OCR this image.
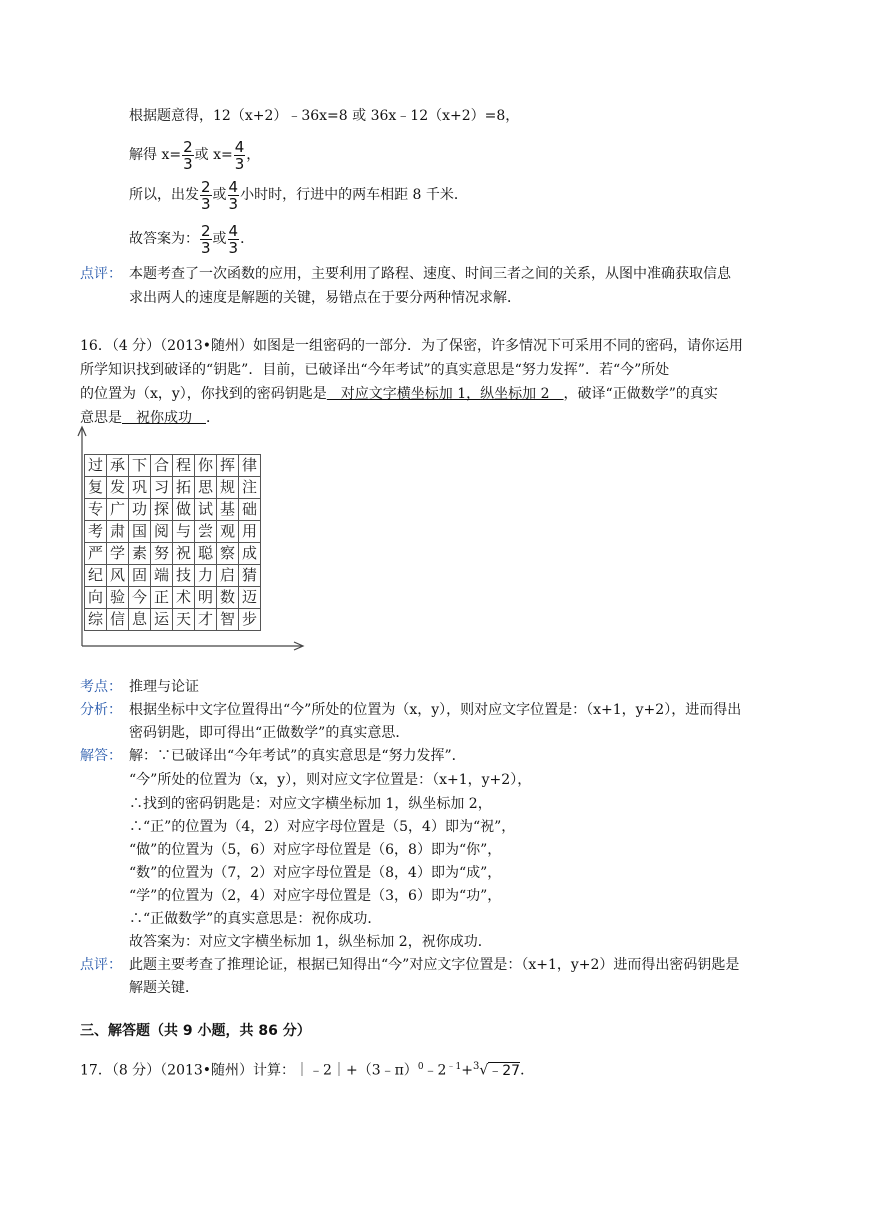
根据题意得，12（x+2）﹣36x=8 或 36x﹣12（x+2）=8，
解得 $x= \frac{2}{3}$ 或 $x= \frac{4}{3}$ ，
所以，出发 $\frac{2}{3}$ 或 $\frac{4}{3}$ 小时时，行进中的两车相距 8 千米．
故答案为： $\frac{2}{3}$ 或 $\frac{4}{3}$ ．
点评： 本题考查了一次函数的应用，主要利用了路程、速度、时间三者之间的关系，从图中准确获取信息
求出两人的速度是解题的关键，易错点在于要分两种情况求解．
16．（4 分）（2013•随州）如图是一组密码的一部分．为了保密，许多情况下可采用不同的密码，请你运用
所学知识找到破译的“钥匙”．目前，已破译出“今年考试”的真实意思是“努力发挥”．若“今”所处
的位置为（x，y），你找到的密码钥匙是　对应文字横坐标加 1，纵坐标加 2　，破译“正做数学”的真实
意思是　祝你成功　．
过	承	下	合	程	你	挥	律
复	发	巩	习	拓	思	规	注
专	广	功	探	做	试	基	础
考	肃	国	阅	与	尝	观	用
严	学	素	努	祝	聪	察	成
纪	风	固	端	技	力	启	猜
向	验	今	正	术	明	数	迈
综	信	息	运	天	才	智	步
考点： 推理与论证
分析： 根据坐标中文字位置得出“今”所处的位置为（x，y），则对应文字位置是：（x+1，y+2），进而得出
密码钥匙，即可得出“正做数学”的真实意思．
解答： 解：∵已破译出“今年考试”的真实意思是“努力发挥”．
“今”所处的位置为（x，y），则对应文字位置是：（x+1，y+2），
∴找到的密码钥匙是：对应文字横坐标加 1，纵坐标加 2，
∴“正”的位置为（4，2）对应字母位置是（5，4）即为“祝”，
“做”的位置为（5，6）对应字母位置是（6，8）即为“你”，
“数”的位置为（7，2）对应字母位置是（8，4）即为“成”，
“学”的位置为（2，4）对应字母位置是（3，6）即为“功”，
∴“正做数学”的真实意思是：祝你成功．
故答案为：对应文字横坐标加 1，纵坐标加 2，祝你成功．
点评： 此题主要考查了推理论证，根据已知得出“今”对应文字位置是：（x+1，y+2）进而得出密码钥匙是
解题关键．
三、解答题（共 9 小题，共 86 分）
17．（8 分）（2013•随州）计算：$|﹣2|+(3﹣\pi)^0﹣2^{﹣1}+^3√﹣27$．
